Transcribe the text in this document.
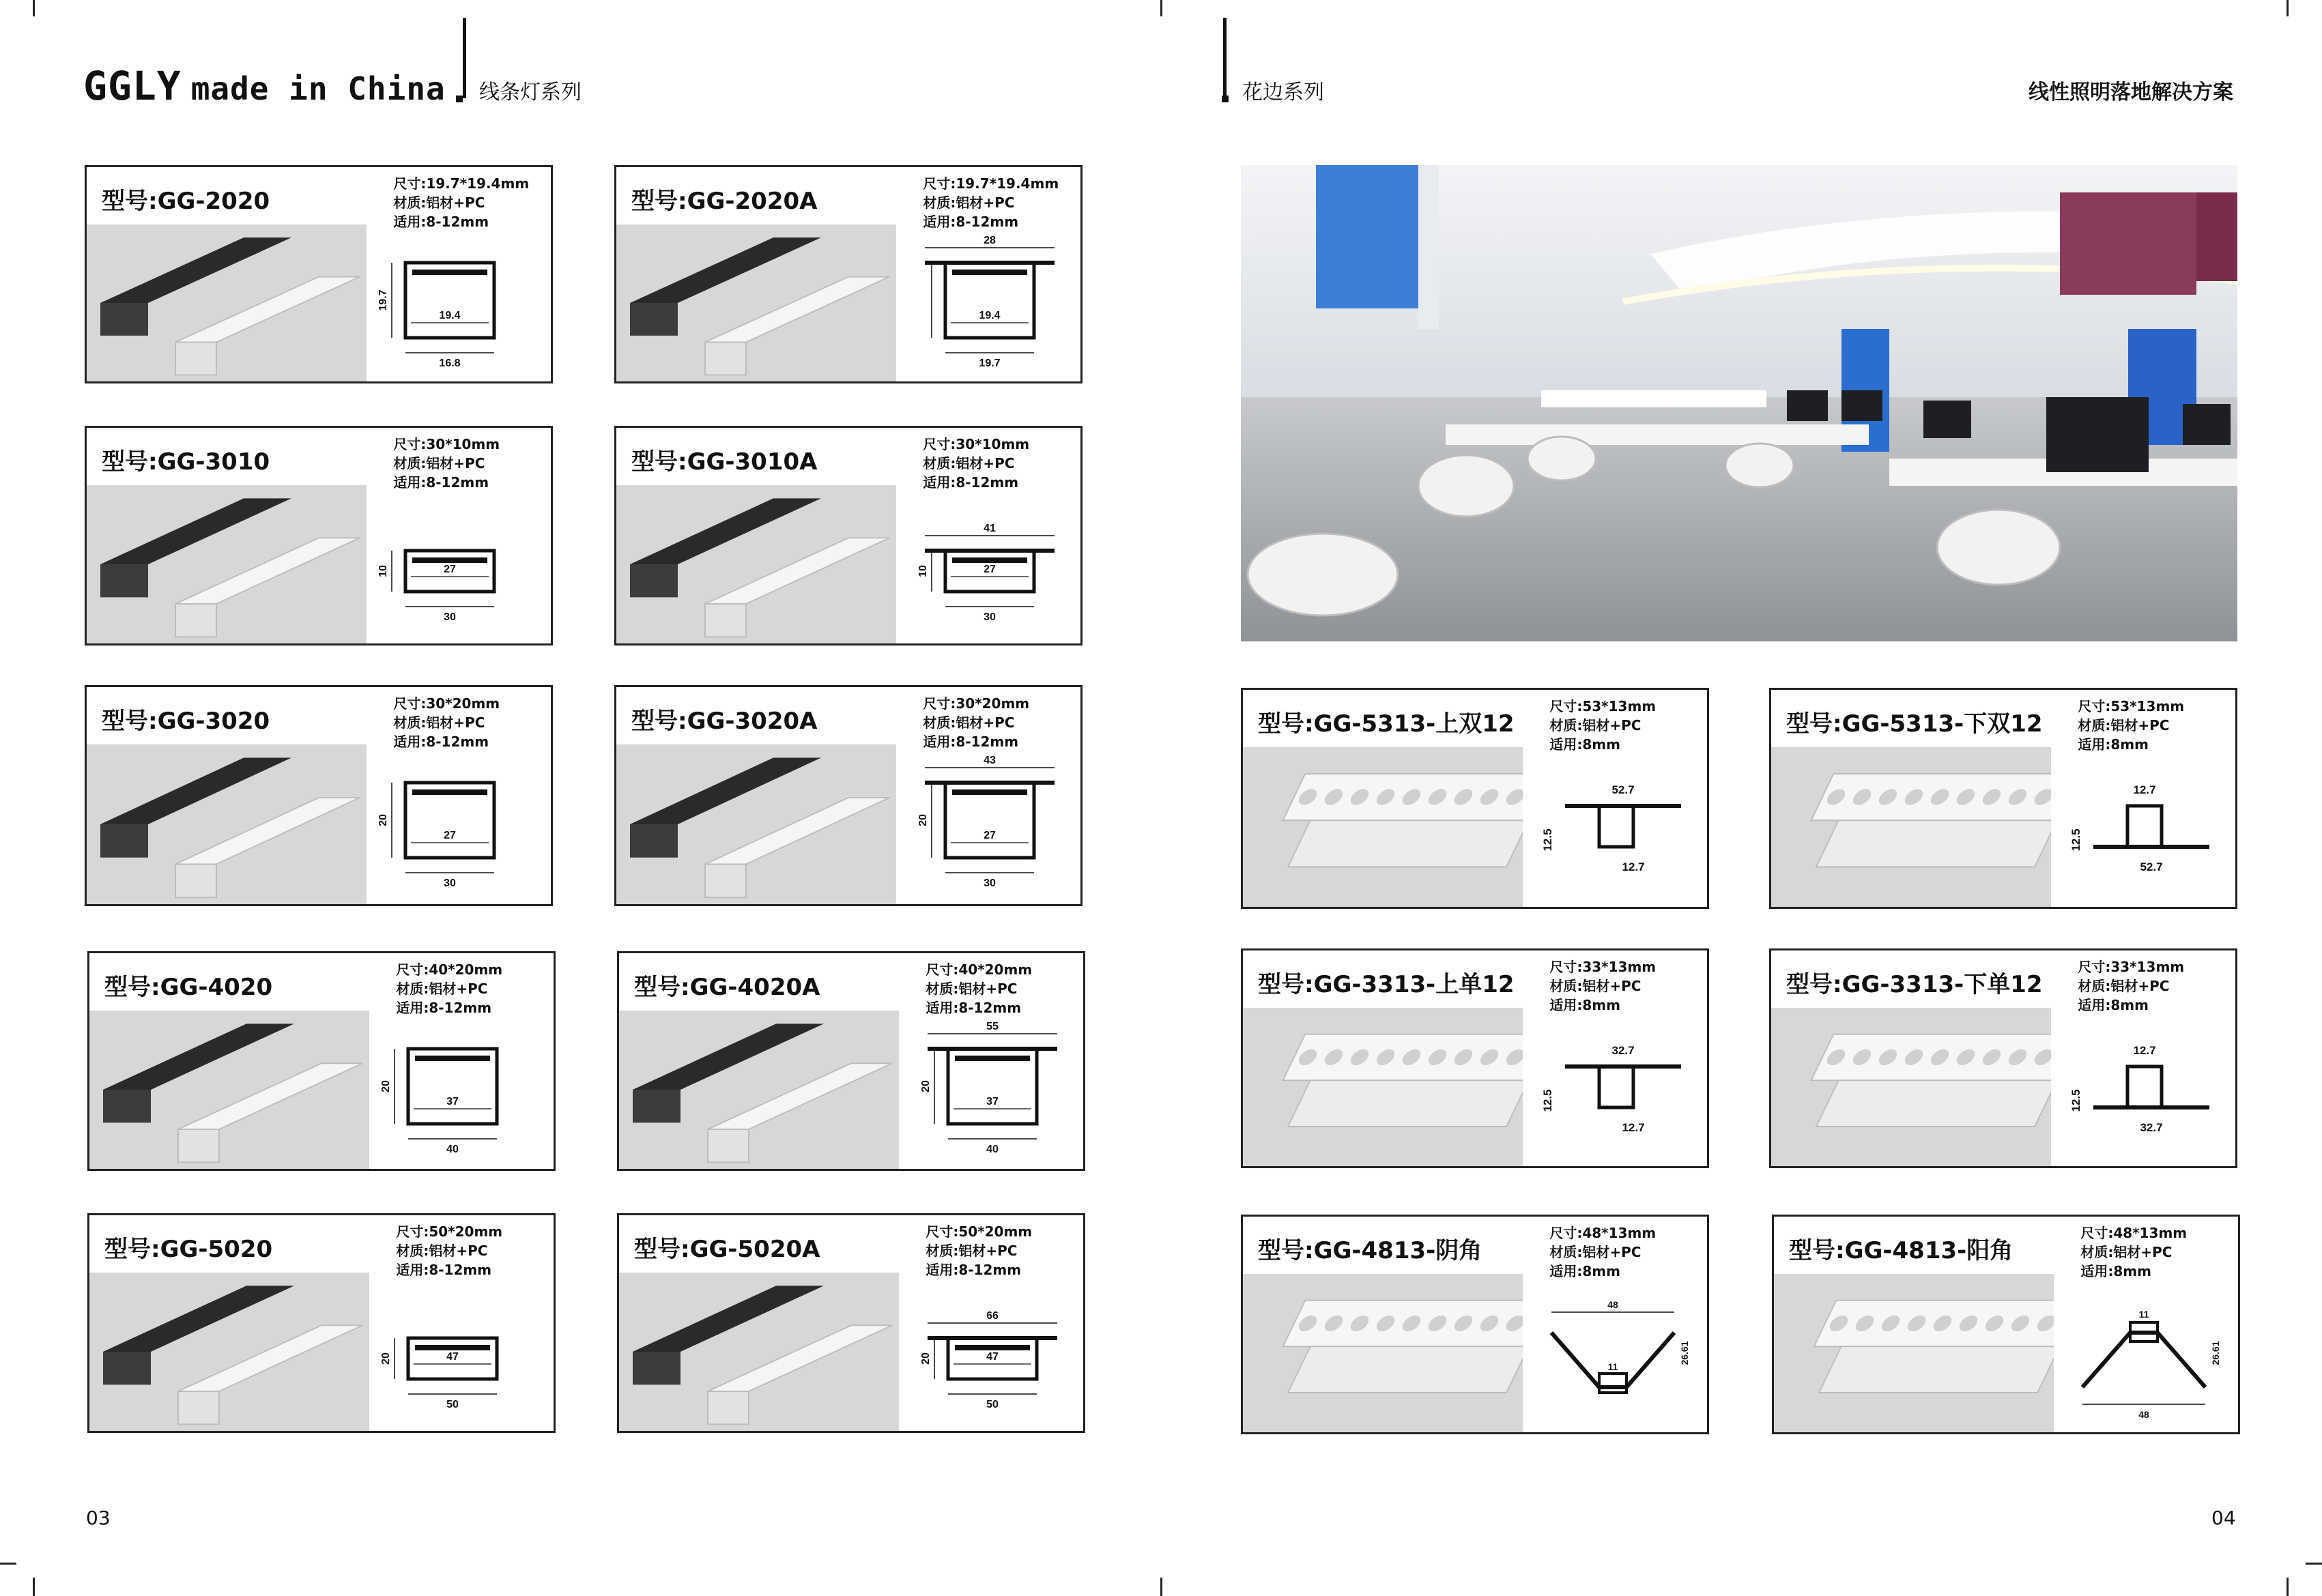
GGLY made in China 线条灯系列	花边系列	线性照明落地解决方案
型号:GG-2020
尺寸:19.7*19.4mm
材质:铝材+PC
适用:8-12mm
19.4
16.8
19.7
型号:GG-2020A
尺寸:19.7*19.4mm
材质:铝材+PC
适用:8-12mm
28
19.4
19.7
型号:GG-3010
尺寸:30*10mm
材质:铝材+PC
适用:8-12mm
27
30
10
型号:GG-3010A
尺寸:30*10mm
材质:铝材+PC
适用:8-12mm
41
27
30
10
型号:GG-3020
尺寸:30*20mm
材质:铝材+PC
适用:8-12mm
27
30
20
型号:GG-3020A
尺寸:30*20mm
材质:铝材+PC
适用:8-12mm
43
27
30
20
型号:GG-4020
尺寸:40*20mm
材质:铝材+PC
适用:8-12mm
37
40
20
型号:GG-4020A
尺寸:40*20mm
材质:铝材+PC
适用:8-12mm
55
37
40
20
型号:GG-5020
尺寸:50*20mm
材质:铝材+PC
适用:8-12mm
47
50
20
型号:GG-5020A
尺寸:50*20mm
材质:铝材+PC
适用:8-12mm
66
47
50
20
型号:GG-5313-上双12
尺寸:53*13mm
材质:铝材+PC
适用:8mm
52.7
12.5
12.7
型号:GG-5313-下双12
尺寸:53*13mm
材质:铝材+PC
适用:8mm
12.7
12.5
52.7
型号:GG-3313-上单12
尺寸:33*13mm
材质:铝材+PC
适用:8mm
32.7
12.5
12.7
型号:GG-3313-下单12
尺寸:33*13mm
材质:铝材+PC
适用:8mm
12.7
12.5
32.7
型号:GG-4813-阴角
尺寸:48*13mm
材质:铝材+PC
适用:8mm
48
11
26.61
型号:GG-4813-阳角
尺寸:48*13mm
材质:铝材+PC
适用:8mm
11
26.61
48
03	04
